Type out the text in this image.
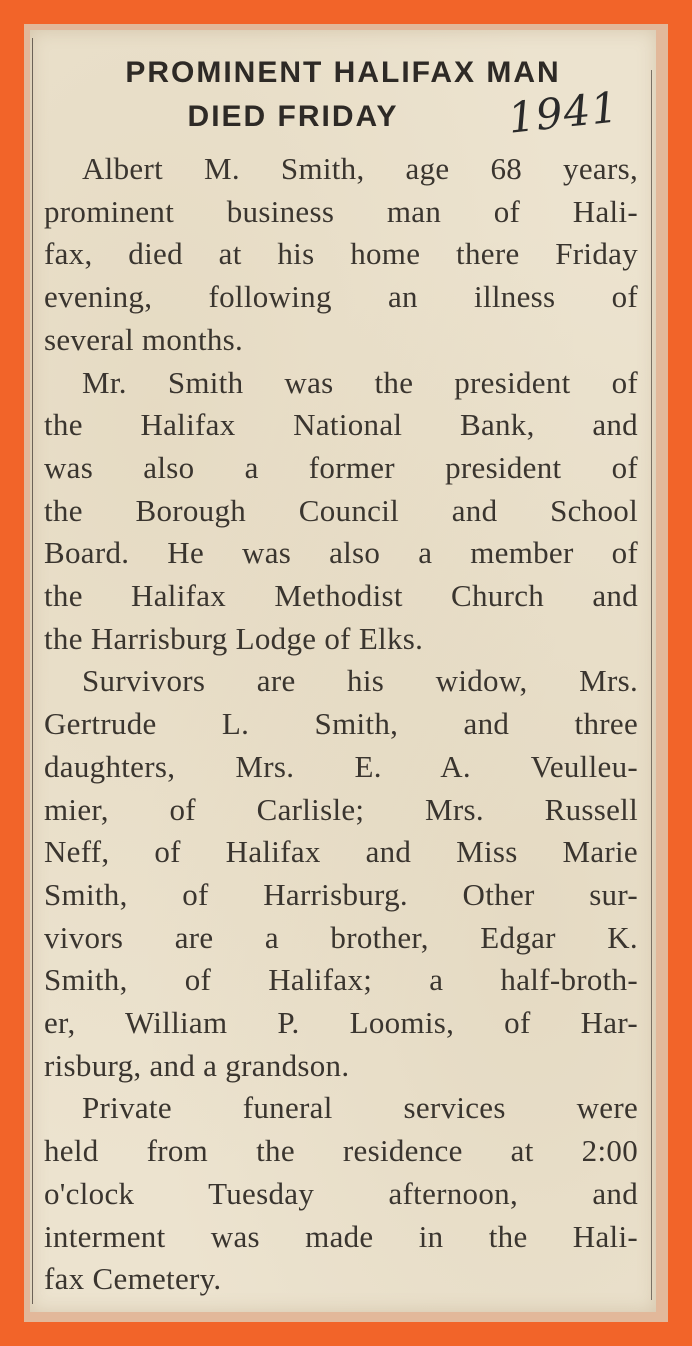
PROMINENT HALIFAX MAN
DIED FRIDAY	1941

Albert M. Smith, age 68 years,
prominent business man of Hali-
fax, died at his home there Friday
evening, following an illness of
several months.

Mr. Smith was the president of
the Halifax National Bank, and
was also a former president of
the Borough Council and School
Board. He was also a member of
the Halifax Methodist Church and
the Harrisburg Lodge of Elks.

Survivors are his widow, Mrs.
Gertrude L. Smith, and three
daughters, Mrs. E. A. Veulleu-
mier, of Carlisle; Mrs. Russell
Neff, of Halifax and Miss Marie
Smith, of Harrisburg. Other sur-
vivors are a brother, Edgar K.
Smith, of Halifax; a half-broth-
er, William P. Loomis, of Har-
risburg, and a grandson.

Private funeral services were
held from the residence at 2:00
o'clock Tuesday afternoon, and
interment was made in the Hali-
fax Cemetery.
